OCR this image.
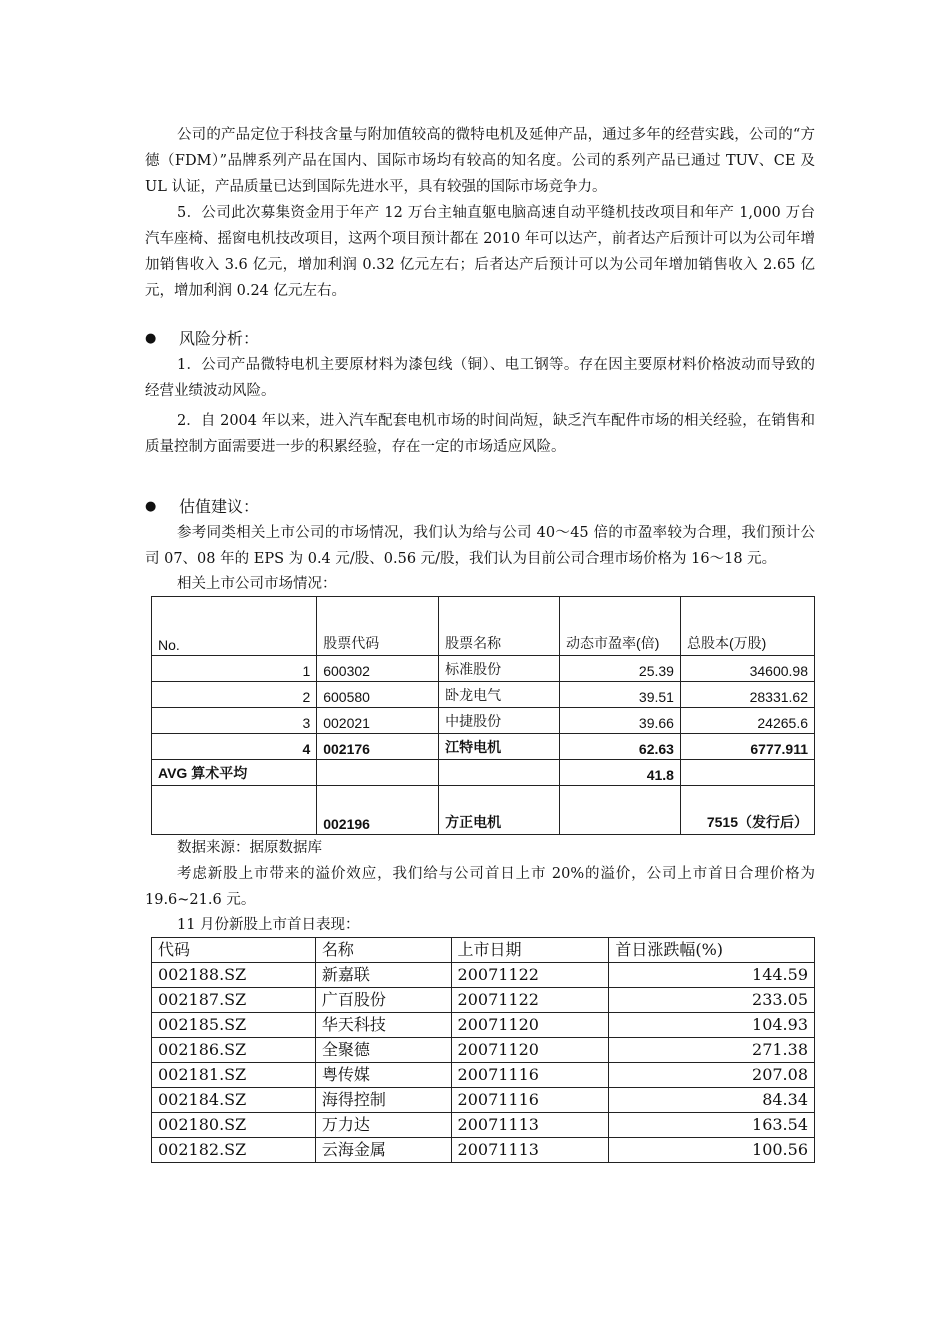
公司的产品定位于科技含量与附加值较高的微特电机及延伸产品，通过多年的经营实践，公司的“方德（FDM）”品牌系列产品在国内、国际市场均有较高的知名度。公司的系列产品已通过 TUV、CE 及 UL 认证，产品质量已达到国际先进水平，具有较强的国际市场竞争力。

5．公司此次募集资金用于年产 12 万台主轴直躯电脑高速自动平缝机技改项目和年产 1,000 万台汽车座椅、摇窗电机技改项目，这两个项目预计都在 2010 年可以达产，前者达产后预计可以为公司年增加销售收入 3.6 亿元，增加利润 0.32 亿元左右；后者达产后预计可以为公司年增加销售收入 2.65 亿元，增加利润 0.24 亿元左右。

● 风险分析：

1．公司产品微特电机主要原材料为漆包线（铜）、电工钢等。存在因主要原材料价格波动而导致的经营业绩波动风险。

2．自 2004 年以来，进入汽车配套电机市场的时间尚短，缺乏汽车配件市场的相关经验，在销售和质量控制方面需要进一步的积累经验，存在一定的市场适应风险。

● 估值建议：

参考同类相关上市公司的市场情况，我们认为给与公司 40～45 倍的市盈率较为合理，我们预计公司 07、08 年的 EPS 为 0.4 元/股、0.56 元/股，我们认为目前公司合理市场价格为 16～18 元。

相关上市公司市场情况：
No.	股票代码	股票名称	动态市盈率(倍)	总股本(万股)
1	600302	标准股份	25.39	34600.98
2	600580	卧龙电气	39.51	28331.62
3	002021	中捷股份	39.66	24265.6
4	002176	江特电机	62.63	6777.911
AVG 算术平均			41.8	
	002196	方正电机		7515（发行后）
数据来源：据原数据库

考虑新股上市带来的溢价效应，我们给与公司首日上市 20%的溢价，公司上市首日合理价格为 19.6~21.6 元。

11 月份新股上市首日表现：
代码	名称	上市日期	首日涨跌幅(%)
002188.SZ	新嘉联	20071122	144.59
002187.SZ	广百股份	20071122	233.05
002185.SZ	华天科技	20071120	104.93
002186.SZ	全聚德	20071120	271.38
002181.SZ	粤传媒	20071116	207.08
002184.SZ	海得控制	20071116	84.34
002180.SZ	万力达	20071113	163.54
002182.SZ	云海金属	20071113	100.56
